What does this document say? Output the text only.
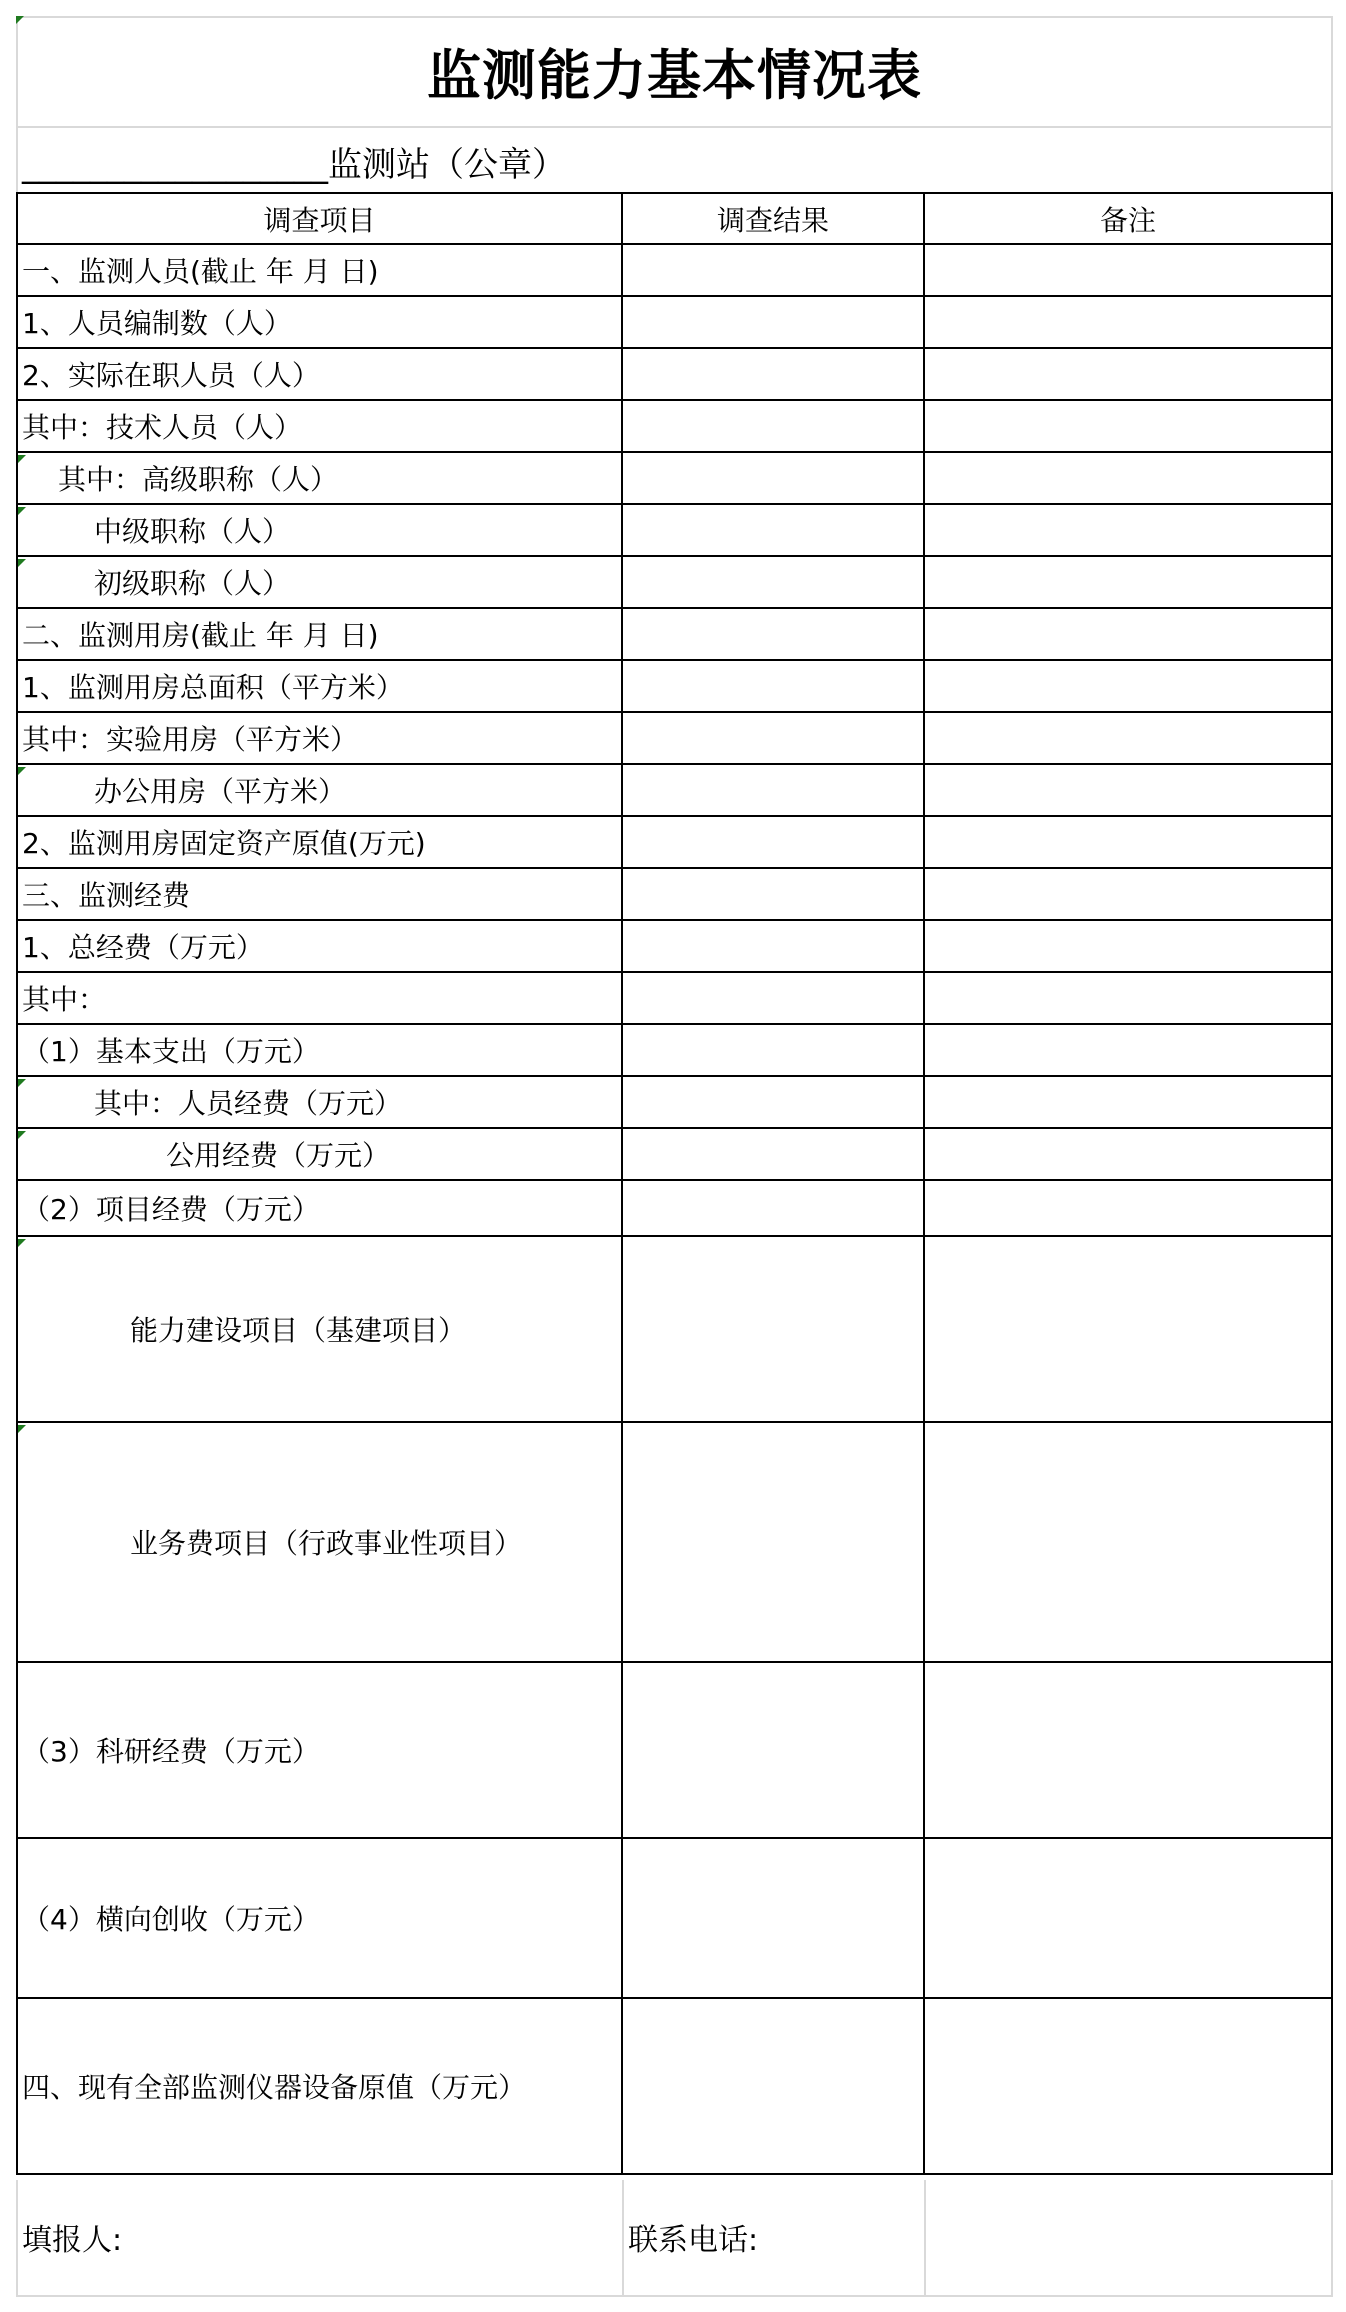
监测能力基本情况表
__________________监测站（公章）
调查项目	调查结果	备注
一、监测人员(截止 年 月 日)
1、人员编制数（人）
2、实际在职人员（人）
其中：技术人员（人）
其中：高级职称（人）
中级职称（人）
初级职称（人）
二、监测用房(截止 年 月 日)
1、监测用房总面积（平方米）
其中：实验用房（平方米）
办公用房（平方米）
2、监测用房固定资产原值(万元)
三、监测经费
1、总经费（万元）
其中：
（1）基本支出（万元）
其中：人员经费（万元）
公用经费（万元）
（2）项目经费（万元）
能力建设项目（基建项目）
业务费项目（行政事业性项目）
（3）科研经费（万元）
（4）横向创收（万元）
四、现有全部监测仪器设备原值（万元）
填报人:	联系电话:
